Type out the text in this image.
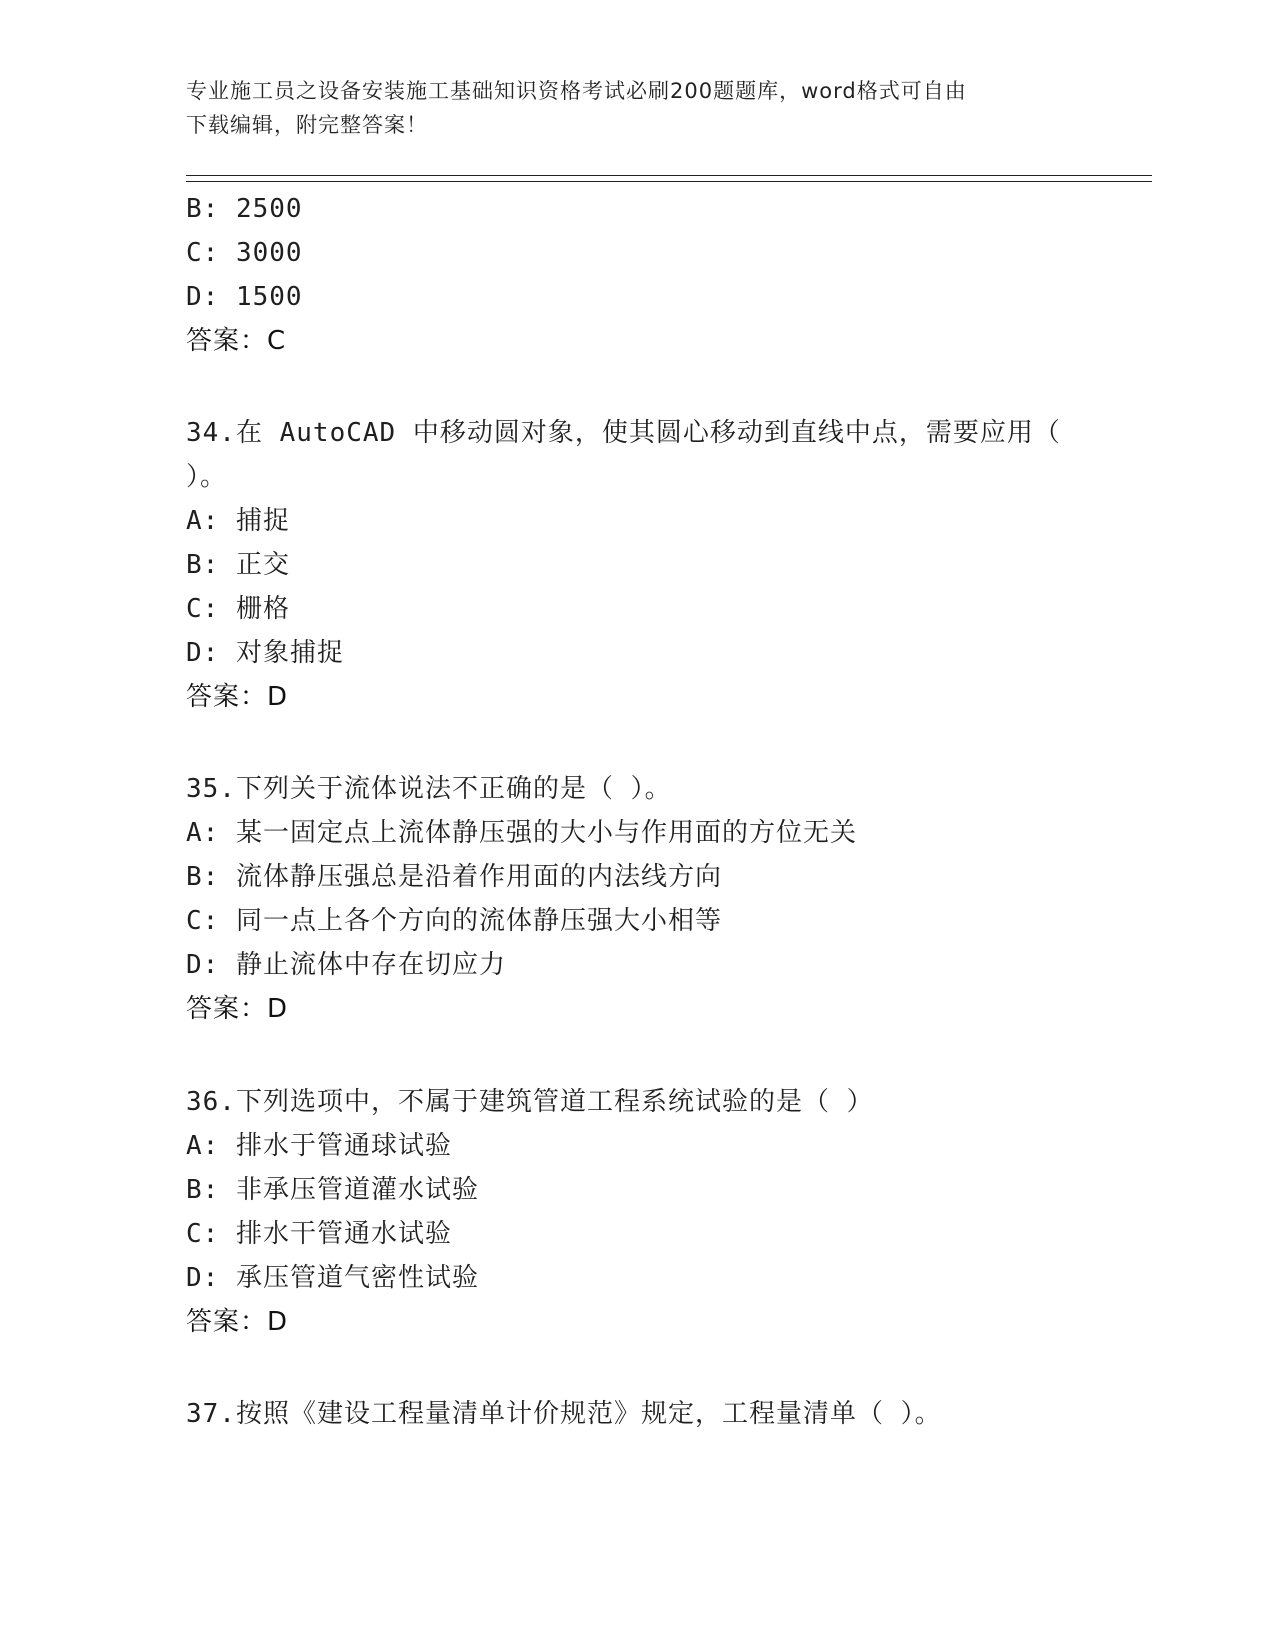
专业施工员之设备安装施工基础知识资格考试必刷200题题库，word格式可自由
下载编辑，附完整答案！
B: 2500
C: 3000
D: 1500
答案：C
34.在 AutoCAD 中移动圆对象，使其圆心移动到直线中点，需要应用（
）。
A: 捕捉
B: 正交
C: 栅格
D: 对象捕捉
答案：D
35.下列关于流体说法不正确的是（ ）。
A: 某一固定点上流体静压强的大小与作用面的方位无关
B: 流体静压强总是沿着作用面的内法线方向
C: 同一点上各个方向的流体静压强大小相等
D: 静止流体中存在切应力
答案：D
36.下列选项中，不属于建筑管道工程系统试验的是（ ）
A: 排水于管通球试验
B: 非承压管道灌水试验
C: 排水干管通水试验
D: 承压管道气密性试验
答案：D
37.按照《建设工程量清单计价规范》规定，工程量清单（ ）。
